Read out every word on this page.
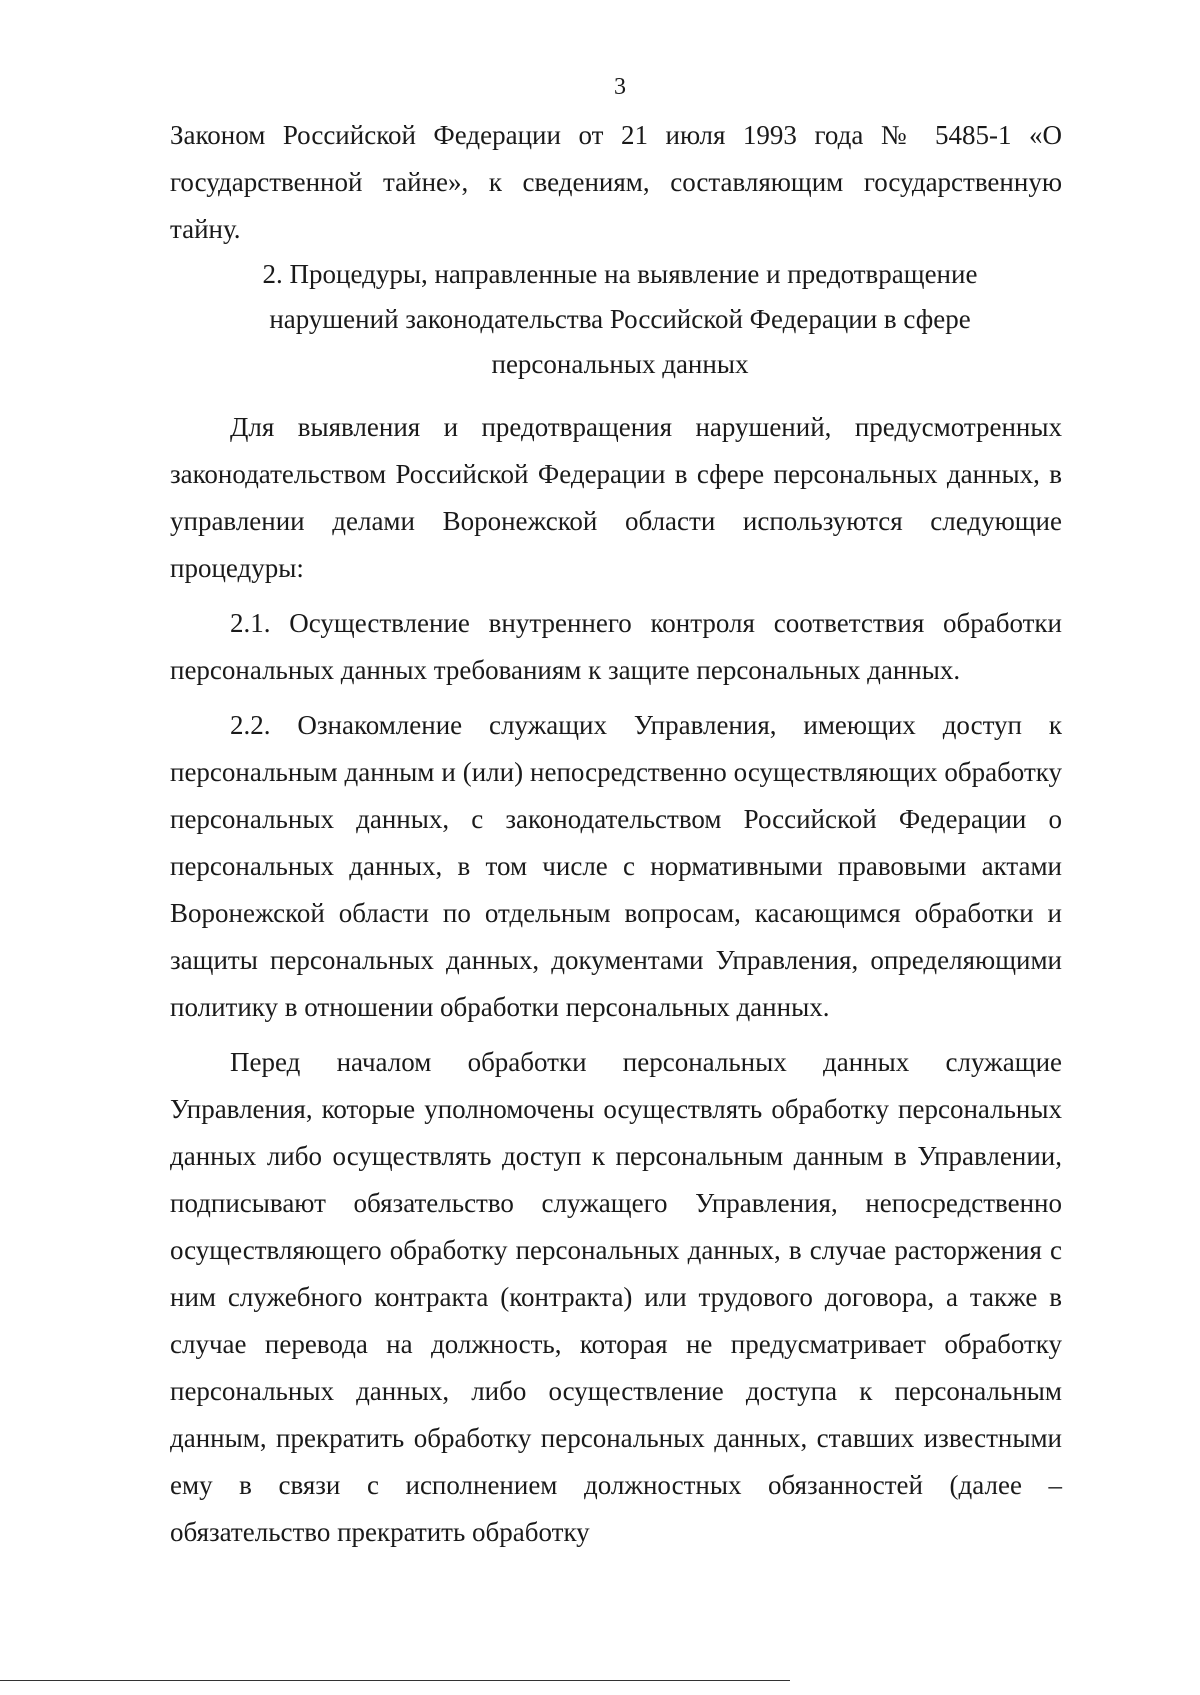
3

Законом Российской Федерации от 21 июля 1993 года № 5485-1 «О государственной тайне», к сведениям, составляющим государственную тайну.

2. Процедуры, направленные на выявление и предотвращение
нарушений законодательства Российской Федерации в сфере
персональных данных

Для выявления и предотвращения нарушений, предусмотренных законодательством Российской Федерации в сфере персональных данных, в управлении делами Воронежской области используются следующие процедуры:

2.1. Осуществление внутреннего контроля соответствия обработки персональных данных требованиям к защите персональных данных.

2.2. Ознакомление служащих Управления, имеющих доступ к персональным данным и (или) непосредственно осуществляющих обработку персональных данных, с законодательством Российской Федерации о персональных данных, в том числе с нормативными правовыми актами Воронежской области по отдельным вопросам, касающимся обработки и защиты персональных данных, документами Управления, определяющими политику в отношении обработки персональных данных.

Перед началом обработки персональных данных служащие Управления, которые уполномочены осуществлять обработку персональных данных либо осуществлять доступ к персональным данным в Управлении, подписывают обязательство служащего Управления, непосредственно осуществляющего обработку персональных данных, в случае расторжения с ним служебного контракта (контракта) или трудового договора, а также в случае перевода на должность, которая не предусматривает обработку персональных данных, либо осуществление доступа к персональным данным, прекратить обработку персональных данных, ставших известными ему в связи с исполнением должностных обязанностей (далее – обязательство прекратить обработку
